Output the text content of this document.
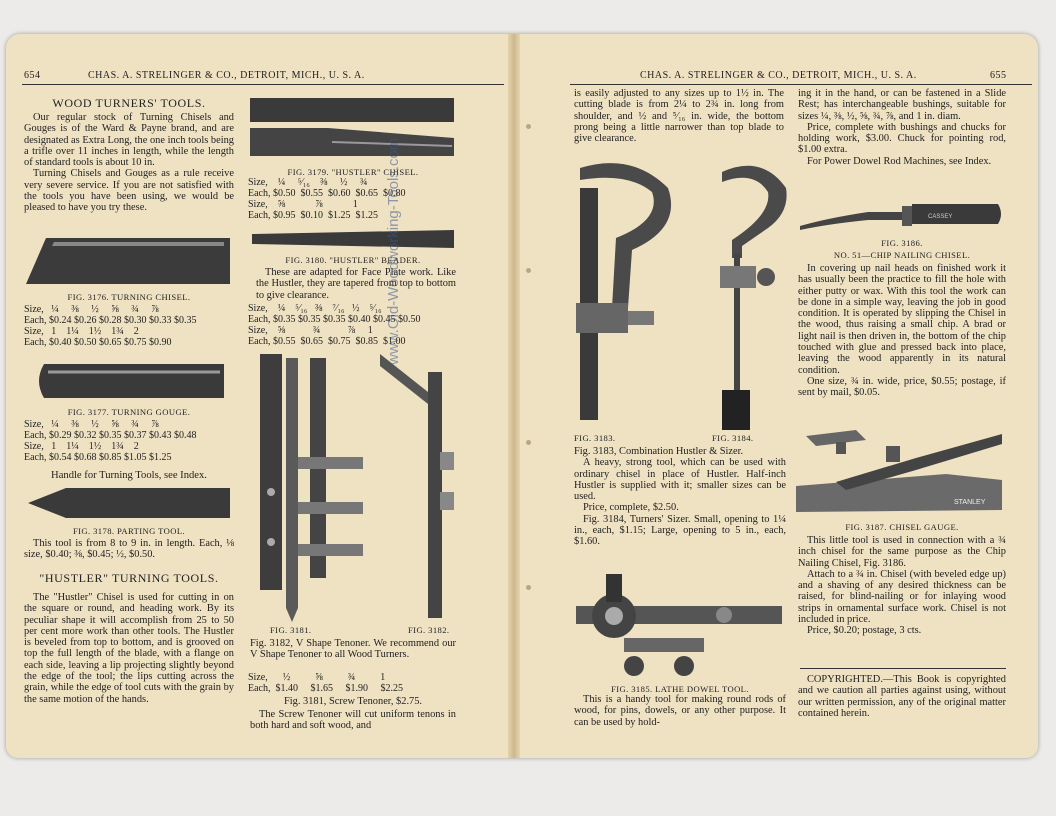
654	CHAS. A. STRELINGER & CO., DETROIT, MICH., U. S. A.	CHAS. A. STRELINGER & CO., DETROIT, MICH., U. S. A.	655
WOOD TURNERS' TOOLS.

Our regular stock of Turning Chisels and Gouges is of the Ward & Payne brand, and are designated as Extra Long, the one inch tools being a trifle over 11 inches in length, while the length of standard tools is about 10 in.

Turning Chisels and Gouges as a rule receive very severe service. If you are not satisfied with the tools you have been using, we would be pleased to have you try these.

FIG. 3176. TURNING CHISEL.
Size,   ¼     ⅜     ½     ⅝     ¾     ⅞
Each, $0.24 $0.26 $0.28 $0.30 $0.33 $0.35
Size,   1    1¼    1½    1¾    2
Each, $0.40 $0.50 $0.65 $0.75 $0.90
FIG. 3177. TURNING GOUGE.
Size,   ¼     ⅜     ½     ⅝     ¾     ⅞
Each, $0.29 $0.32 $0.35 $0.37 $0.43 $0.48
Size,   1    1¼    1½    1¾    2
Each, $0.54 $0.68 $0.85 $1.05 $1.25
Handle for Turning Tools, see Index.
FIG. 3178. PARTING TOOL.

This tool is from 8 to 9 in. in length. Each, ⅛ size, $0.40; ⅜, $0.45; ½, $0.50.

"HUSTLER" TURNING TOOLS.

The "Hustler" Chisel is used for cutting in on the square or round, and heading work. By its peculiar shape it will accomplish from 25 to 50 per cent more work than other tools. The Hustler is beveled from top to bottom, and is grooved on top the full length of the blade, with a flange on each side, leaving a lip projecting slightly beyond the edge of the tool; the lips cutting across the grain, while the edge of tool cuts with the grain by the same motion of the hands.

FIG. 3179. "HUSTLER" CHISEL.
Size,    ¼     ⁵⁄₁₆    ⅜     ½     ¾
Each, $0.50  $0.55  $0.60  $0.65  $0.80
Size,    ⅝            ⅞            1
Each, $0.95  $0.10  $1.25  $1.25
FIG. 3180. "HUSTLER" BEADER.

These are adapted for Face Plate work. Like the Hustler, they are tapered from top to bottom to give clearance.

Size,    ¼    ⁵⁄₁₆   ⅜    ⁷⁄₁₆   ½    ⁵⁄₁₆
Each, $0.35 $0.35 $0.35 $0.40 $0.45 $0.50
Size,    ⅝           ¾           ⅞     1
Each, $0.55  $0.65  $0.75  $0.85  $1.00
www.Old-Woodworking-Tools.com
FIG. 3181.	FIG. 3182.

Fig. 3182, V Shape Tenoner. We recommend our V Shape Tenoner to all Wood Turners.

Size,      ½          ⅝          ¾          1
Each,  $1.40     $1.65     $1.90     $2.25
Fig. 3181, Screw Tenoner, $2.75.

The Screw Tenoner will cut uniform tenons in both hard and soft wood, and

is easily adjusted to any sizes up to 1½ in. The cutting blade is from 2¼ to 2¾ in. long from shoulder, and ½ and ⁵⁄₁₆ in. wide, the bottom prong being a little narrower than top blade to give clearance.

FIG. 3183.	FIG. 3184.

Fig. 3183, Combination Hustler & Sizer.

A heavy, strong tool, which can be used with ordinary chisel in place of Hustler. Half-inch Hustler is supplied with it; smaller sizes can be used.

Price, complete, $2.50.

Fig. 3184, Turners' Sizer. Small, opening to 1¼ in., each, $1.15; Large, opening to 5 in., each, $1.60.

FIG. 3185. LATHE DOWEL TOOL.

This is a handy tool for making round rods of wood, for pins, dowels, or any other purpose. It can be used by hold-

ing it in the hand, or can be fastened in a Slide Rest; has interchangeable bushings, suitable for sizes ¼, ⅜, ½, ⅝, ¾, ⅞, and 1 in. diam.

Price, complete with bushings and chucks for holding work, $3.00. Chuck for pointing rod, $1.00 extra.

For Power Dowel Rod Machines, see Index.

CASSEY
FIG. 3186.
NO. 51—CHIP NAILING CHISEL.

In covering up nail heads on finished work it has usually been the practice to fill the hole with either putty or wax. With this tool the work can be done in a simple way, leaving the job in good condition. It is operated by slipping the Chisel in the wood, thus raising a small chip. A brad or light nail is then driven in, the bottom of the chip touched with glue and pressed back into place, leaving the wood apparently in its natural condition.

One size, ¾ in. wide, price, $0.55; postage, if sent by mail, $0.05.

STANLEY
FIG. 3187. CHISEL GAUGE.

This little tool is used in connection with a ¾ inch chisel for the same purpose as the Chip Nailing Chisel, Fig. 3186.

Attach to a ¾ in. Chisel (with beveled edge up) and a shaving of any desired thickness can be raised, for blind-nailing or for inlaying wood strips in ornamental surface work. Chisel is not included in price.

Price, $0.20; postage, 3 cts.

COPYRIGHTED.—This Book is copyrighted and we caution all parties against using, without our written permission, any of the original matter contained herein.
